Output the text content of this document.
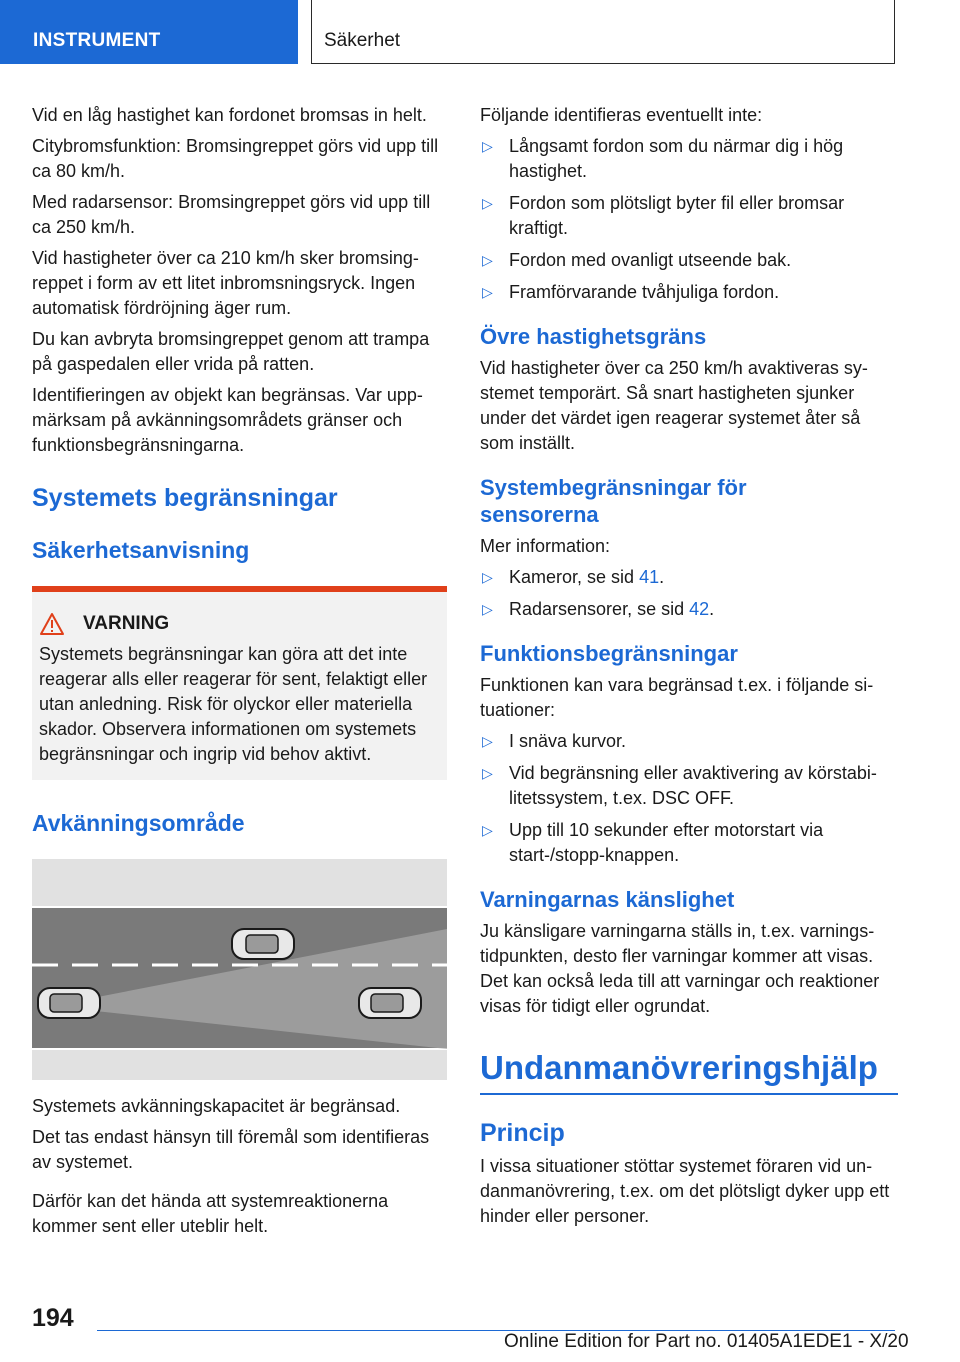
INSTRUMENT	Säkerhet

Vid en låg hastighet kan fordonet bromsas in helt.

Citybromsfunktion: Bromsingreppet görs vid upp till ca 80 km/h.

Med radarsensor: Bromsingreppet görs vid upp till ca 250 km/h.

Vid hastigheter över ca 210 km/h sker bromsingreppet i form av ett litet inbromsningsryck. Ingen automatisk fördröjning äger rum.

Du kan avbryta bromsingreppet genom att trampa på gaspedalen eller vrida på ratten.

Identifieringen av objekt kan begränsas. Var uppmärksam på avkänningsområdets gränser och funktionsbegränsningarna.

Systemets begränsningar
Säkerhetsanvisning
VARNING

Systemets begränsningar kan göra att det inte reagerar alls eller reagerar för sent, felaktigt eller utan anledning. Risk för olyckor eller materiella skador. Observera informationen om systemets begränsningar och ingrip vid behov aktivt.

Avkänningsområde

Systemets avkänningskapacitet är begränsad.

Det tas endast hänsyn till föremål som identifieras av systemet.

Därför kan det hända att systemreaktionerna kommer sent eller uteblir helt.

Följande identifieras eventuellt inte:

▷ Långsamt fordon som du närmar dig i hög hastighet.
▷ Fordon som plötsligt byter fil eller bromsar kraftigt.
▷ Fordon med ovanligt utseende bak.
▷ Framförvarande tvåhjuliga fordon.
Övre hastighetsgräns

Vid hastigheter över ca 250 km/h avaktiveras systemet temporärt. Så snart hastigheten sjunker under det värdet igen reagerar systemet åter så som inställt.

Systembegränsningar för
sensorerna

Mer information:

▷ Kameror, se sid 41.
▷ Radarsensorer, se sid 42.
Funktionsbegränsningar

Funktionen kan vara begränsad t.ex. i följande situationer:

▷ I snäva kurvor.
▷ Vid begränsning eller avaktivering av körstabilitetssystem, t.ex. DSC OFF.
▷ Upp till 10 sekunder efter motorstart via start-/stopp-knappen.
Varningarnas känslighet

Ju känsligare varningarna ställs in, t.ex. varningstidpunkten, desto fler varningar kommer att visas. Det kan också leda till att varningar och reaktioner visas för tidigt eller ogrundat.

Undanmanövreringshjälp
Princip

I vissa situationer stöttar systemet föraren vid undanmanövrering, t.ex. om det plötsligt dyker upp ett hinder eller personer.

194
Online Edition for Part no. 01405A1EDE1 - X/20
